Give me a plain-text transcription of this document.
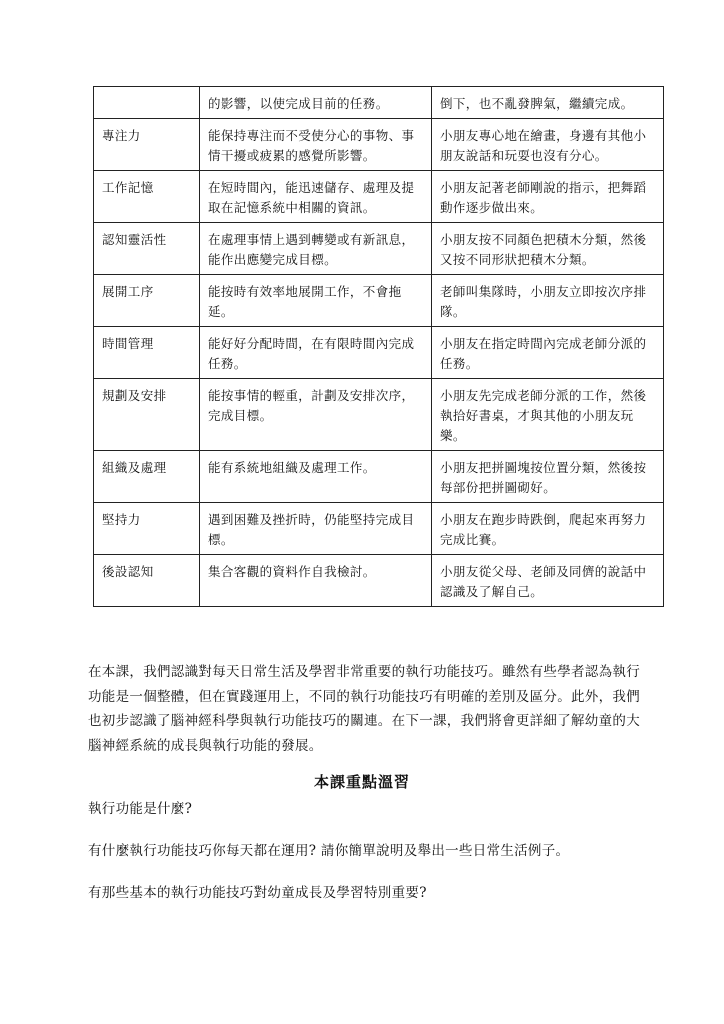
	的影響，以使完成目前的任務。	倒下，也不亂發脾氣，繼續完成。
專注力	能保持專注而不受使分心的事物、事情干擾或疲累的感覺所影響。	小朋友專心地在繪畫，身邊有其他小朋友說話和玩耍也沒有分心。
工作記憶	在短時間內，能迅速儲存、處理及提取在記憶系統中相關的資訊。	小朋友記著老師剛說的指示，把舞蹈動作逐步做出來。
認知靈活性	在處理事情上遇到轉變或有新訊息，能作出應變完成目標。	小朋友按不同顏色把積木分類，然後又按不同形狀把積木分類。
展開工序	能按時有效率地展開工作，不會拖延。	老師叫集隊時，小朋友立即按次序排隊。
時間管理	能好好分配時間，在有限時間內完成任務。	小朋友在指定時間內完成老師分派的任務。
規劃及安排	能按事情的輕重，計劃及安排次序，完成目標。	小朋友先完成老師分派的工作，然後執拾好書桌，才與其他的小朋友玩樂。
組織及處理	能有系統地組織及處理工作。	小朋友把拼圖塊按位置分類，然後按每部份把拼圖砌好。
堅持力	遇到困難及挫折時，仍能堅持完成目標。	小朋友在跑步時跌倒，爬起來再努力完成比賽。
後設認知	集合客觀的資料作自我檢討。	小朋友從父母、老師及同儕的說話中認識及了解自己。

在本課，我們認識對每天日常生活及學習非常重要的執行功能技巧。雖然有些學者認為執行功能是一個整體，但在實踐運用上，不同的執行功能技巧有明確的差別及區分。此外，我們也初步認識了腦神經科學與執行功能技巧的關連。在下一課，我們將會更詳細了解幼童的大腦神經系統的成長與執行功能的發展。

本課重點溫習

執行功能是什麼?

有什麼執行功能技巧你每天都在運用? 請你簡單說明及舉出一些日常生活例子。

有那些基本的執行功能技巧對幼童成長及學習特別重要?
